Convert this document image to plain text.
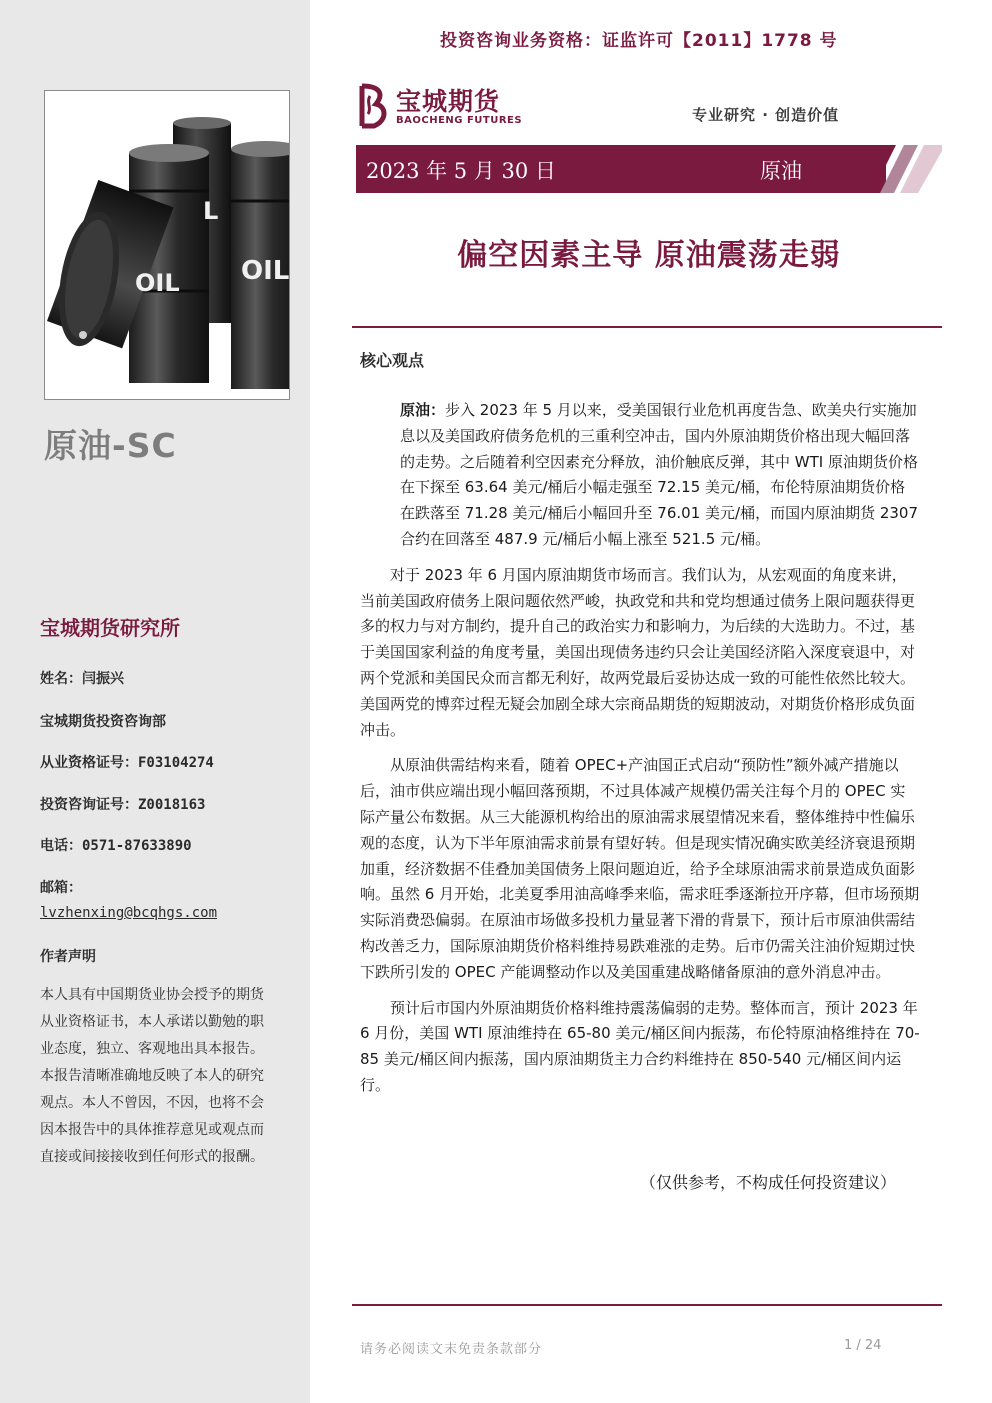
L
OIL
OIL
原油-SC
宝城期货研究所
姓名：闫振兴
宝城期货投资咨询部
从业资格证号：F03104274
投资咨询证号：Z0018163
电话：0571-87633890
邮箱：
lvzhenxing@bcqhgs.com
作者声明
本人具有中国期货业协会授予的期货从业资格证书，本人承诺以勤勉的职业态度，独立、客观地出具本报告。本报告清晰准确地反映了本人的研究观点。本人不曾因，不因，也将不会因本报告中的具体推荐意见或观点而直接或间接接收到任何形式的报酬。
投资咨询业务资格：证监许可【2011】1778 号
宝城期货
BAOCHENG FUTURES	专业研究 · 创造价值
2023 年 5 月 30 日	原油
偏空因素主导 原油震荡走弱
核心观点

原油：步入 2023 年 5 月以来，受美国银行业危机再度告急、欧美央行实施加息以及美国政府债务危机的三重利空冲击，国内外原油期货价格出现大幅回落的走势。之后随着利空因素充分释放，油价触底反弹，其中 WTI 原油期货价格在下探至 63.64 美元/桶后小幅走强至 72.15 美元/桶，布伦特原油期货价格在跌落至 71.28 美元/桶后小幅回升至 76.01 美元/桶，而国内原油期货 2307 合约在回落至 487.9 元/桶后小幅上涨至 521.5 元/桶。

对于 2023 年 6 月国内原油期货市场而言。我们认为，从宏观面的角度来讲，当前美国政府债务上限问题依然严峻，执政党和共和党均想通过债务上限问题获得更多的权力与对方制约，提升自己的政治实力和影响力，为后续的大选助力。不过，基于美国国家利益的角度考量，美国出现债务违约只会让美国经济陷入深度衰退中，对两个党派和美国民众而言都无利好，故两党最后妥协达成一致的可能性依然比较大。美国两党的博弈过程无疑会加剧全球大宗商品期货的短期波动，对期货价格形成负面冲击。

从原油供需结构来看，随着 OPEC+产油国正式启动“预防性”额外减产措施以后，油市供应端出现小幅回落预期，不过具体减产规模仍需关注每个月的 OPEC 实际产量公布数据。从三大能源机构给出的原油需求展望情况来看，整体维持中性偏乐观的态度，认为下半年原油需求前景有望好转。但是现实情况确实欧美经济衰退预期加重，经济数据不佳叠加美国债务上限问题迫近，给予全球原油需求前景造成负面影响。虽然 6 月开始，北美夏季用油高峰季来临，需求旺季逐渐拉开序幕，但市场预期实际消费恐偏弱。在原油市场做多投机力量显著下滑的背景下，预计后市原油供需结构改善乏力，国际原油期货价格料维持易跌难涨的走势。后市仍需关注油价短期过快下跌所引发的 OPEC 产能调整动作以及美国重建战略储备原油的意外消息冲击。

预计后市国内外原油期货价格料维持震荡偏弱的走势。整体而言，预计 2023 年 6 月份，美国 WTI 原油维持在 65-80 美元/桶区间内振荡，布伦特原油格维持在 70-85 美元/桶区间内振荡，国内原油期货主力合约料维持在 850-540 元/桶区间内运行。

（仅供参考，不构成任何投资建议）
请务必阅读文末免责条款部分	1 / 24
